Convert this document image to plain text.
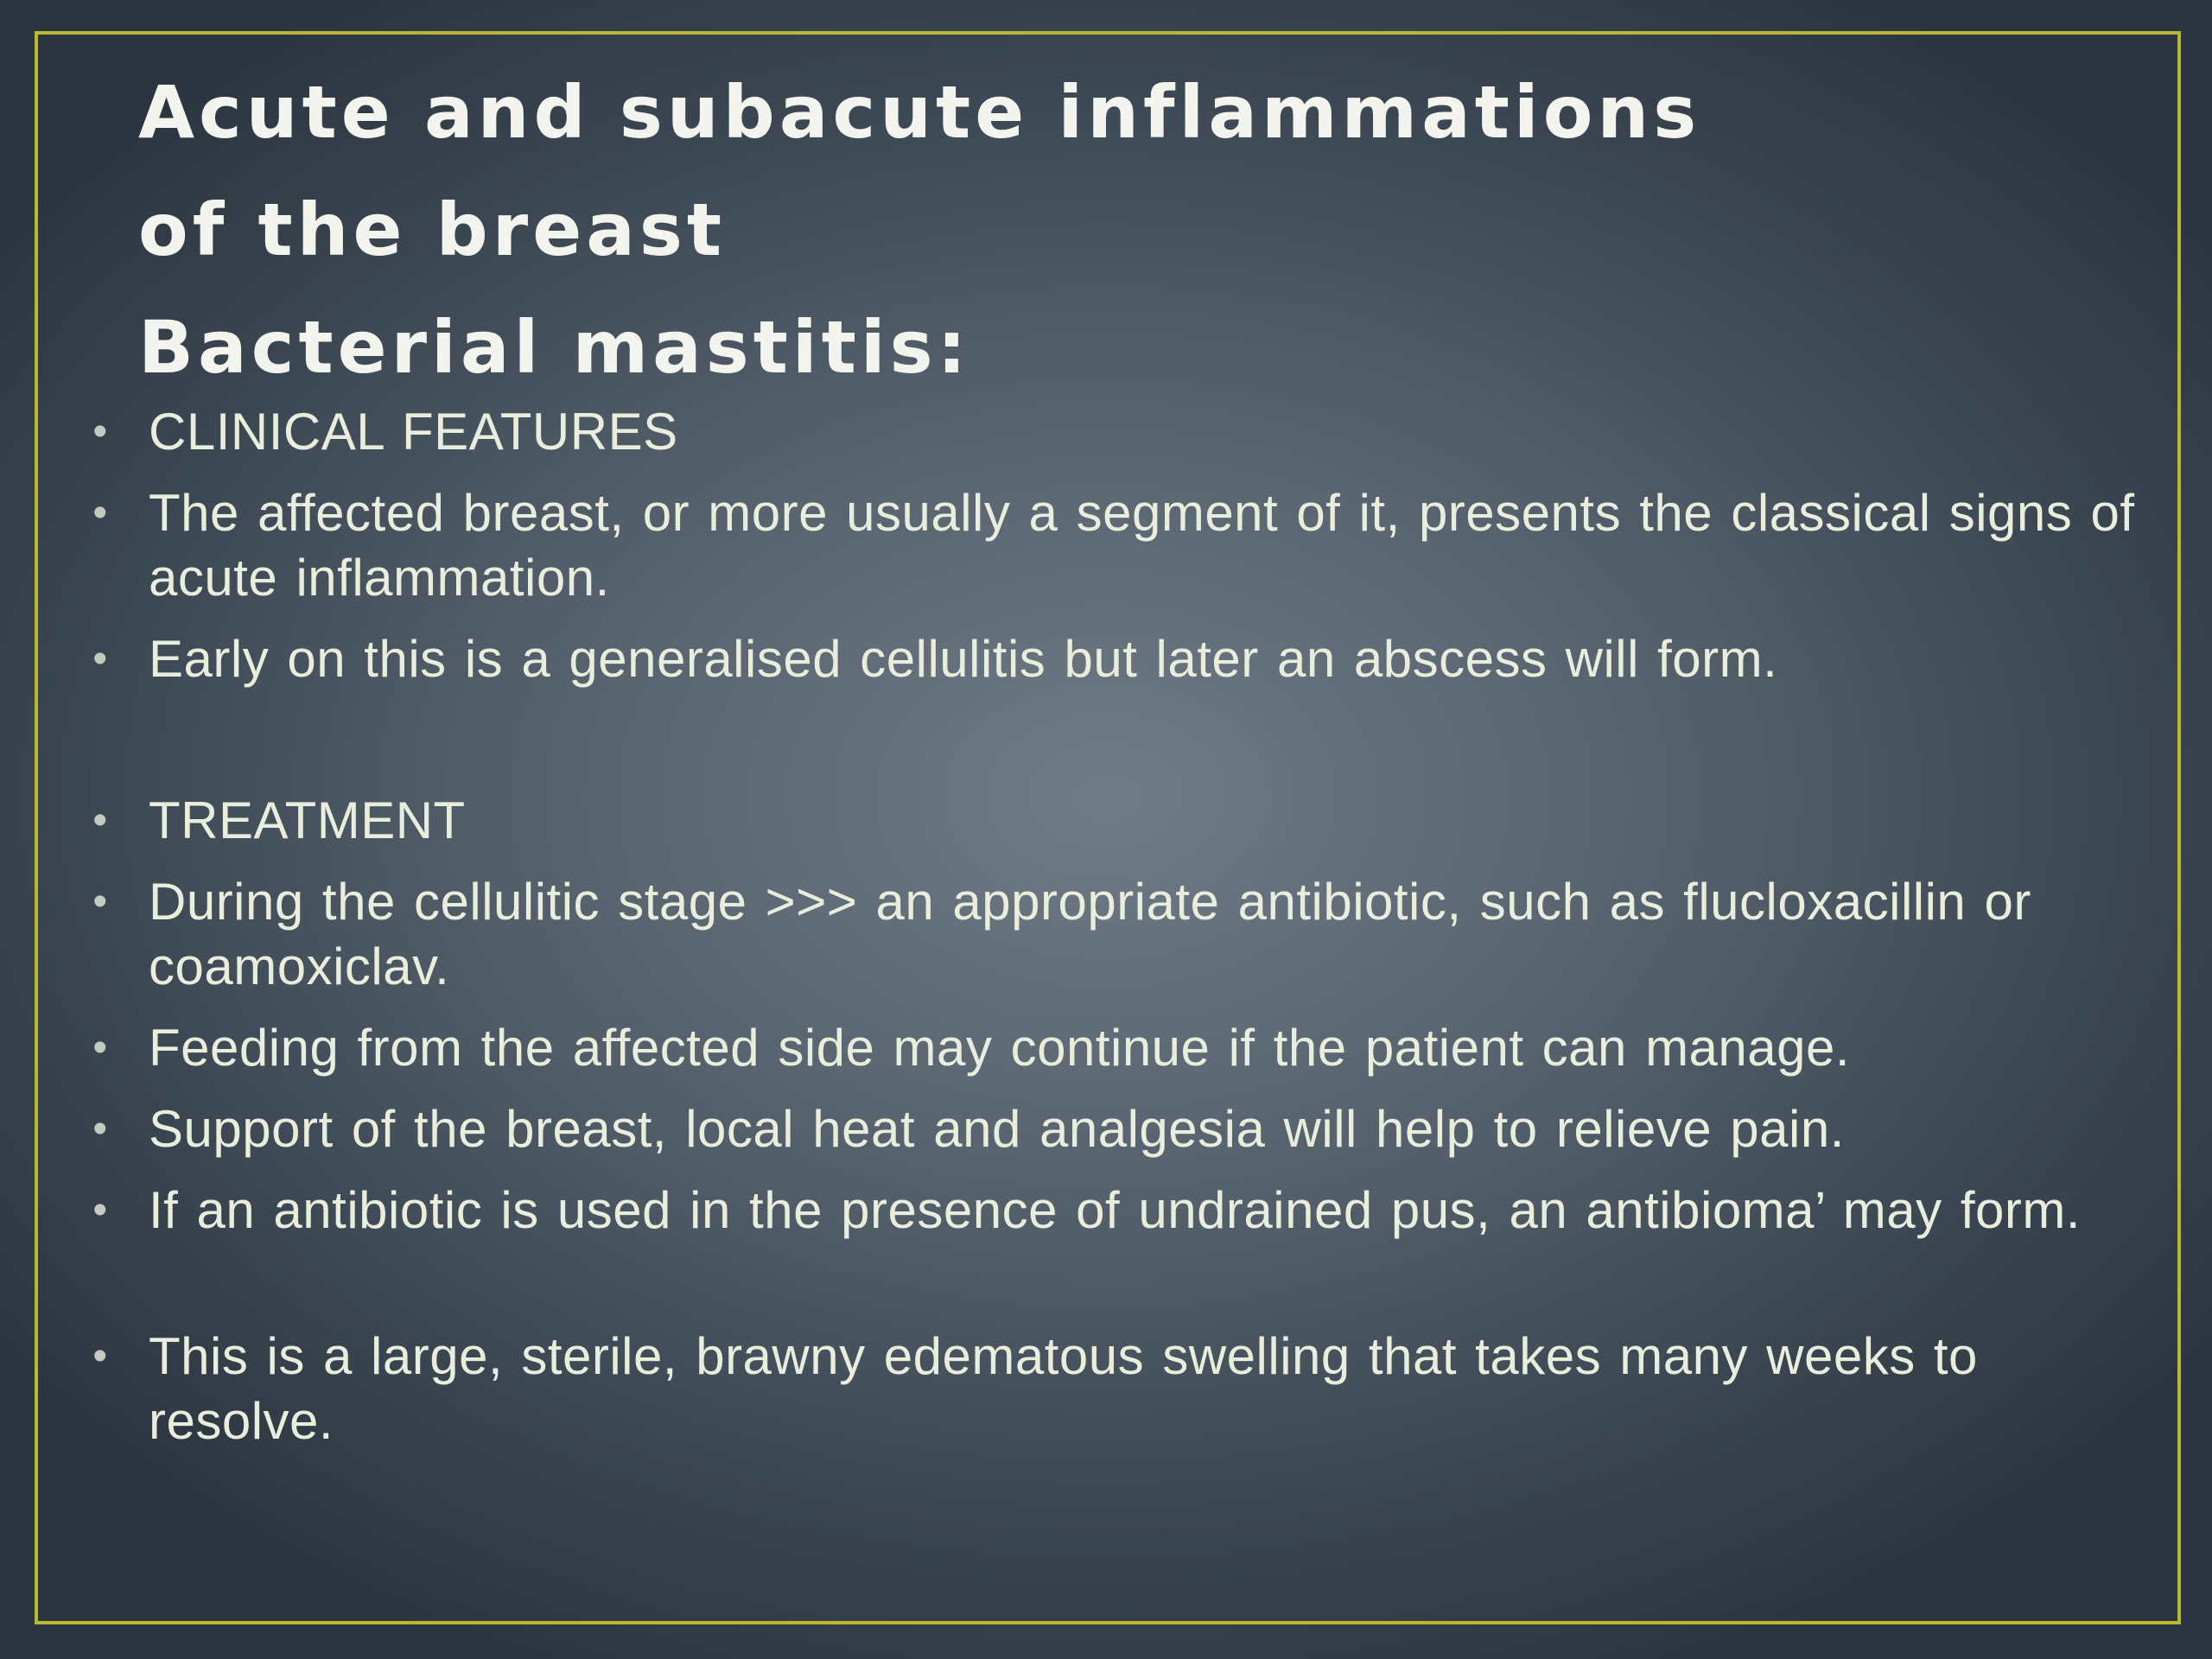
Acute and subacute inflammations
of the breast
Bacterial mastitis:
• CLINICAL FEATURES
• The affected breast, or more usually a segment of it, presents the classical signs of acute inflammation.
• Early on this is a generalised cellulitis but later an abscess will form.
• TREATMENT
• During the cellulitic stage >>> an appropriate antibiotic, such as flucloxacillin or coamoxiclav.
• Feeding from the affected side may continue if the patient can manage.
• Support of the breast, local heat and analgesia will help to relieve pain.
• If an antibiotic is used in the presence of undrained pus, an antibioma’ may form.
• This is a large, sterile, brawny edematous swelling that takes many weeks to resolve.
